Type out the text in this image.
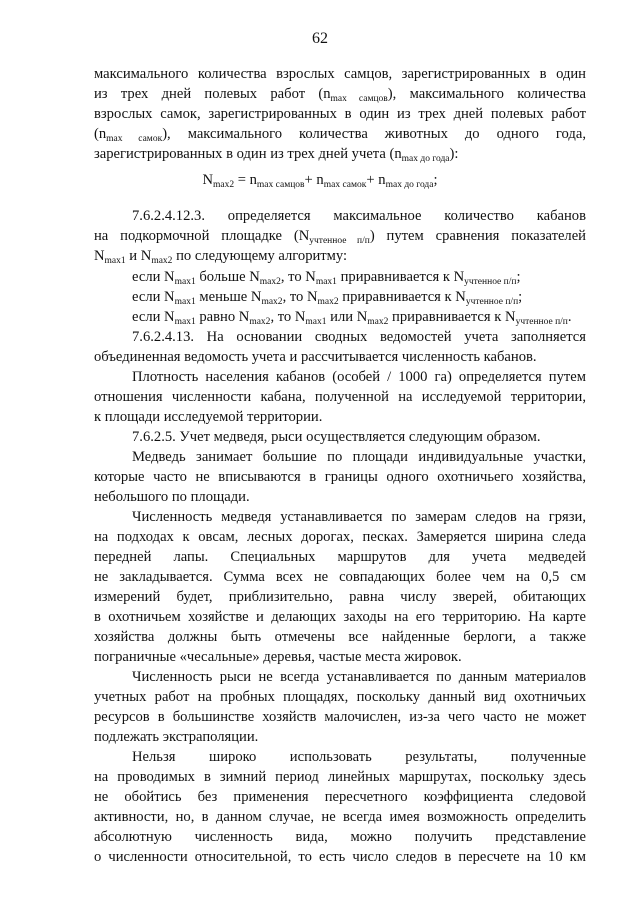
62
$N_{max2} = n_{max самцов}+ n_{max самок}+ n_{max до года}$;
максимального количества взрослых самцов, зарегистрированных в один
из трех дней полевых работ $(n_{max самцов})$, максимального количества
взрослых самок, зарегистрированных в один из трех дней полевых работ
$(n_{max самок})$, максимального количества животных до одного года,
зарегистрированных в один из трех дней учета $(n_{max до года})$:
7.6.2.4.12.3. определяется максимальное количество кабанов
на подкормочной площадке $(N_{учтенное п/п})$ путем сравнения показателей
$N_{max1}$ и $N_{max2}$ по следующему алгоритму:
если $N_{max1}$ больше $N_{max2}$, то $N_{max1}$ приравнивается к $N_{учтенное п/п}$;
если $N_{max1}$ меньше $N_{max2}$, то $N_{max2}$ приравнивается к $N_{учтенное п/п}$;
если $N_{max1}$ равно $N_{max2}$, то $N_{max1}$ или $N_{max2}$ приравнивается к $N_{учтенное п/п}$.
7.6.2.4.13. На основании сводных ведомостей учета заполняется
объединенная ведомость учета и рассчитывается численность кабанов.
Плотность населения кабанов (особей / 1000 га) определяется путем
отношения численности кабана, полученной на исследуемой территории,
к площади исследуемой территории.
7.6.2.5. Учет медведя, рыси осуществляется следующим образом.
Медведь занимает большие по площади индивидуальные участки,
которые часто не вписываются в границы одного охотничьего хозяйства,
небольшого по площади.
Численность медведя устанавливается по замерам следов на грязи,
на подходах к овсам, лесных дорогах, песках. Замеряется ширина следа
передней лапы. Специальных маршрутов для учета медведей
не закладывается. Сумма всех не совпадающих более чем на 0,5 см
измерений будет, приблизительно, равна числу зверей, обитающих
в охотничьем хозяйстве и делающих заходы на его территорию. На карте
хозяйства должны быть отмечены все найденные берлоги, а также
пограничные «чесальные» деревья, частые места жировок.
Численность рыси не всегда устанавливается по данным материалов
учетных работ на пробных площадях, поскольку данный вид охотничьих
ресурсов в большинстве хозяйств малочислен, из-за чего часто не может
подлежать экстраполяции.
Нельзя широко использовать результаты, полученные
на проводимых в зимний период линейных маршрутах, поскольку здесь
не обойтись без применения пересчетного коэффициента следовой
активности, но, в данном случае, не всегда имея возможность определить
абсолютную численность вида, можно получить представление
о численности относительной, то есть число следов в пересчете на 10 км
